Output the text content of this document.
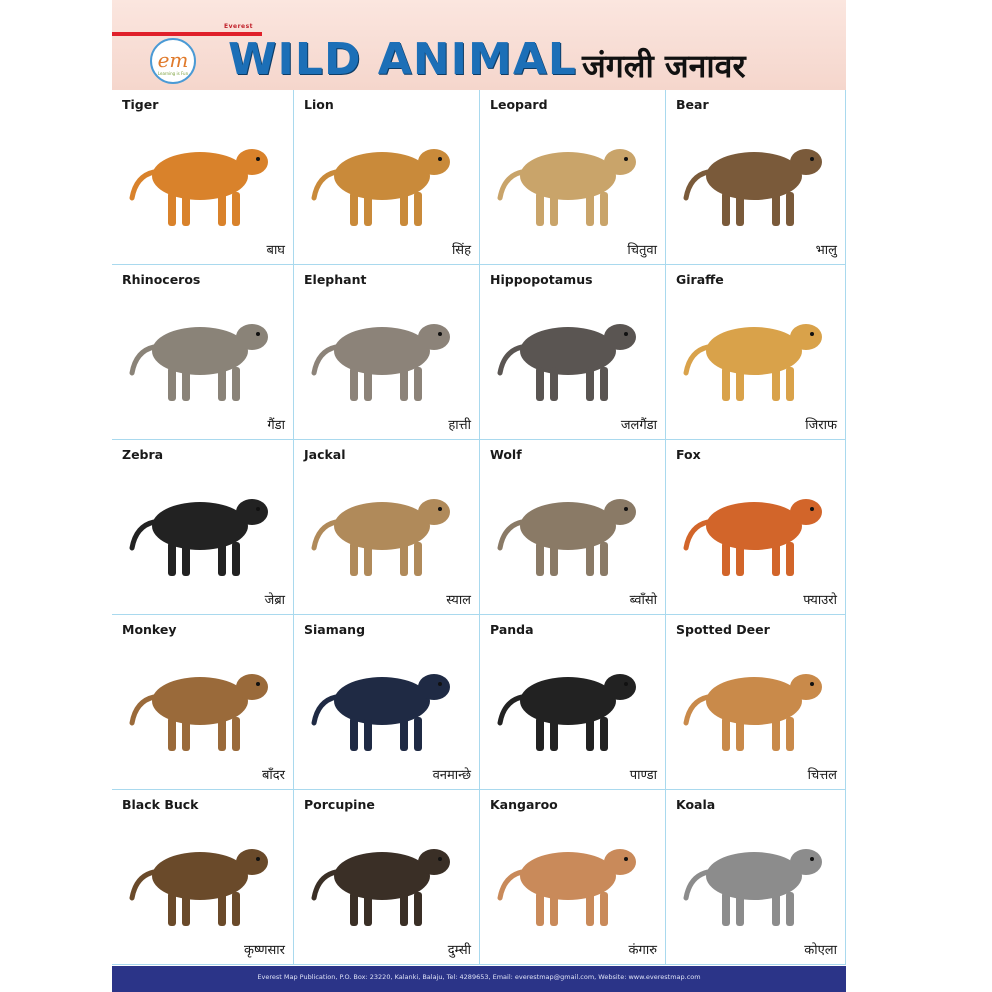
Everest
em
Learning is Fun WILD ANIMAL जंगली जनावर
Tiger
बाघ
Lion
सिंह
Leopard
चितुवा
Bear
भालु
Rhinoceros
गैंडा
Elephant
हात्ती
Hippopotamus
जलगैंडा
Giraffe
जिराफ
Zebra
जेब्रा
Jackal
स्याल
Wolf
ब्वाँसो
Fox
फ्याउरो
Monkey
बाँदर
Siamang
वनमान्छे
Panda
पाण्डा
Spotted Deer
चित्तल
Black Buck
कृष्णसार
Porcupine
दुम्सी
Kangaroo
कंगारु
Koala
कोएला
Everest Map Publication, P.O. Box: 23220, Kalanki, Balaju, Tel: 4289653, Email: everestmap@gmail.com, Website: www.everestmap.com
